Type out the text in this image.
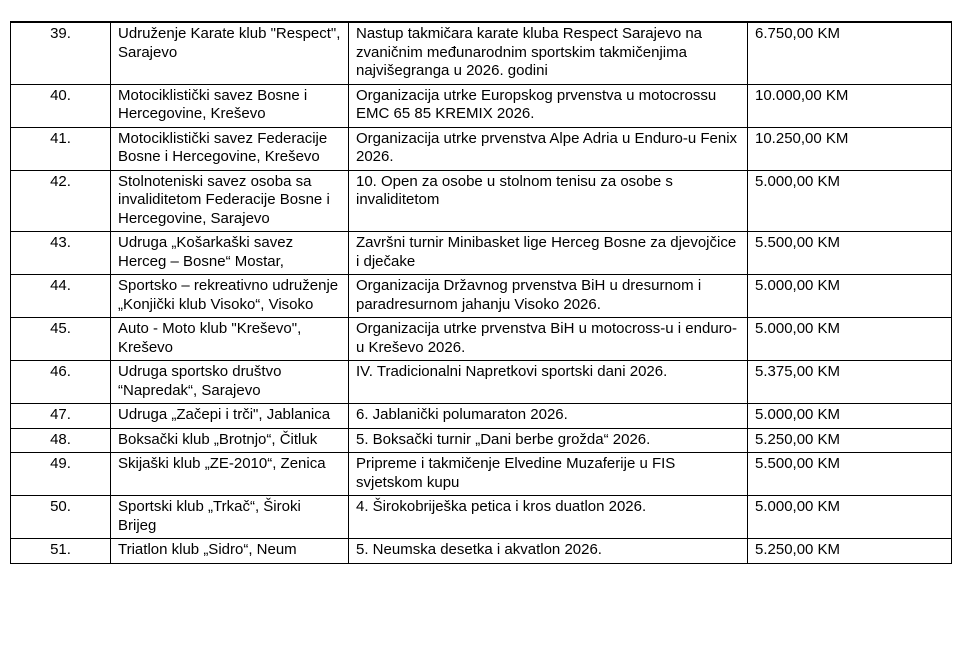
39.	Udruženje Karate klub "Respect", Sarajevo	Nastup takmičara karate kluba Respect Sarajevo na zvaničnim međunarodnim sportskim takmičenjima najvišegranga u 2026. godini	6.750,00 KM
40.	Motociklistički savez Bosne i Hercegovine, Kreševo	Organizacija utrke Europskog prvenstva u motocrossu EMC 65 85 KREMIX 2026.	10.000,00 KM
41.	Motociklistički savez Federacije Bosne i Hercegovine, Kreševo	Organizacija utrke prvenstva Alpe Adria u Enduro-u Fenix 2026.	10.250,00 KM
42.	Stolnoteniski savez osoba sa invaliditetom Federacije Bosne i Hercegovine, Sarajevo	10. Open za osobe u stolnom tenisu za osobe s invaliditetom	5.000,00 KM
43.	Udruga „Košarkaški savez Herceg – Bosne“ Mostar,	Završni turnir Minibasket lige Herceg Bosne za djevojčice i dječake	5.500,00 KM
44.	Sportsko – rekreativno udruženje „Konjički klub Visoko“, Visoko	Organizacija Državnog prvenstva BiH u dresurnom i paradresurnom jahanju Visoko 2026.	5.000,00 KM
45.	Auto - Moto klub "Kreševo", Kreševo	Organizacija utrke prvenstva BiH u motocross-u i enduro-u Kreševo 2026.	5.000,00 KM
46.	Udruga sportsko društvo “Napredak“, Sarajevo	IV. Tradicionalni Napretkovi sportski dani 2026.	5.375,00 KM
47.	Udruga „Začepi i trči", Jablanica	6. Jablanički polumaraton 2026.	5.000,00 KM
48.	Boksački klub „Brotnjo“, Čitluk	5. Boksački turnir „Dani berbe grožda“ 2026.	5.250,00 KM
49.	Skijaški klub „ZE-2010“, Zenica	Pripreme i takmičenje Elvedine Muzaferije u FIS svjetskom kupu	5.500,00 KM
50.	Sportski klub „Trkač“, Široki Brijeg	4. Širokobriješka petica i kros duatlon 2026.	5.000,00 KM
51.	Triatlon klub „Sidro“, Neum	5. Neumska desetka i akvatlon 2026.	5.250,00 KM
